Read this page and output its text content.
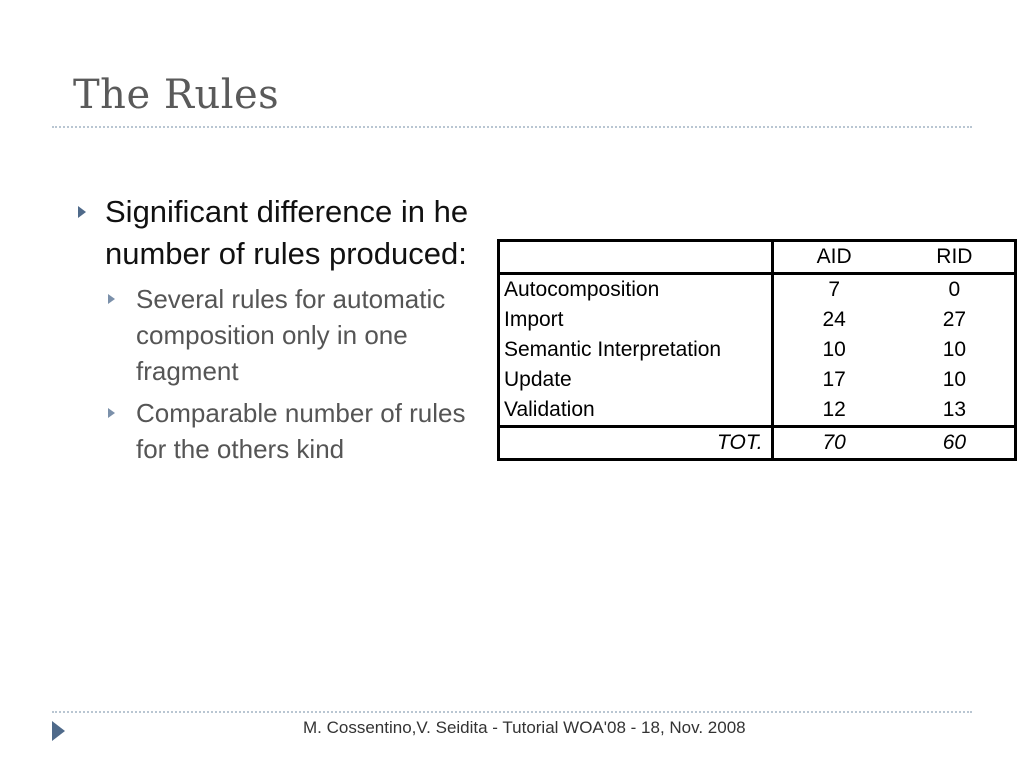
The Rules
Significant difference in he number of rules produced:
Several rules for automatic composition only in one fragment
Comparable number of rules for the others kind
	AID	RID
Autocomposition	7	0
Import	24	27
Semantic Interpretation	10	10
Update	17	10
Validation	12	13
TOT.	70	60
M. Cossentino,V. Seidita - Tutorial WOA'08 - 18, Nov. 2008
